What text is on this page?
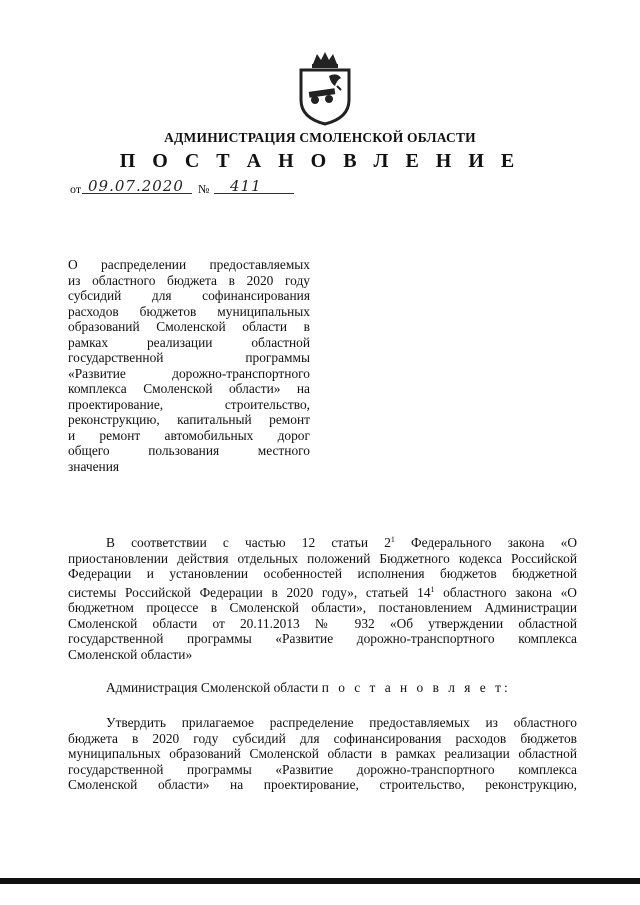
АДМИНИСТРАЦИЯ СМОЛЕНСКОЙ ОБЛАСТИ
П О С Т А Н О В Л Е Н И Е
от 09.07.2020 № 411
О распределении предоставляемых
из областного бюджета в 2020 году
субсидий для софинансирования
расходов бюджетов муниципальных
образований Смоленской области в
рамках реализации областной
государственной программы
«Развитие дорожно-транспортного
комплекса Смоленской области» на
проектирование, строительство,
реконструкцию, капитальный ремонт
и ремонт автомобильных дорог
общего пользования местного
значения
В соответствии с частью 12 статьи $2^1$ Федерального закона «О
приостановлении действия отдельных положений Бюджетного кодекса Российской
Федерации и установлении особенностей исполнения бюджетов бюджетной
системы Российской Федерации в 2020 году», статьей $14^1$ областного закона «О
бюджетном процессе в Смоленской области», постановлением Администрации
Смоленской области от 20.11.2013 № 932 «Об утверждении областной
государственной программы «Развитие дорожно-транспортного комплекса
Смоленской области»
Администрация Смоленской области п о с т а н о в л я е т:
Утвердить прилагаемое распределение предоставляемых из областного
бюджета в 2020 году субсидий для софинансирования расходов бюджетов
муниципальных образований Смоленской области в рамках реализации областной
государственной программы «Развитие дорожно-транспортного комплекса
Смоленской области» на проектирование, строительство, реконструкцию,
